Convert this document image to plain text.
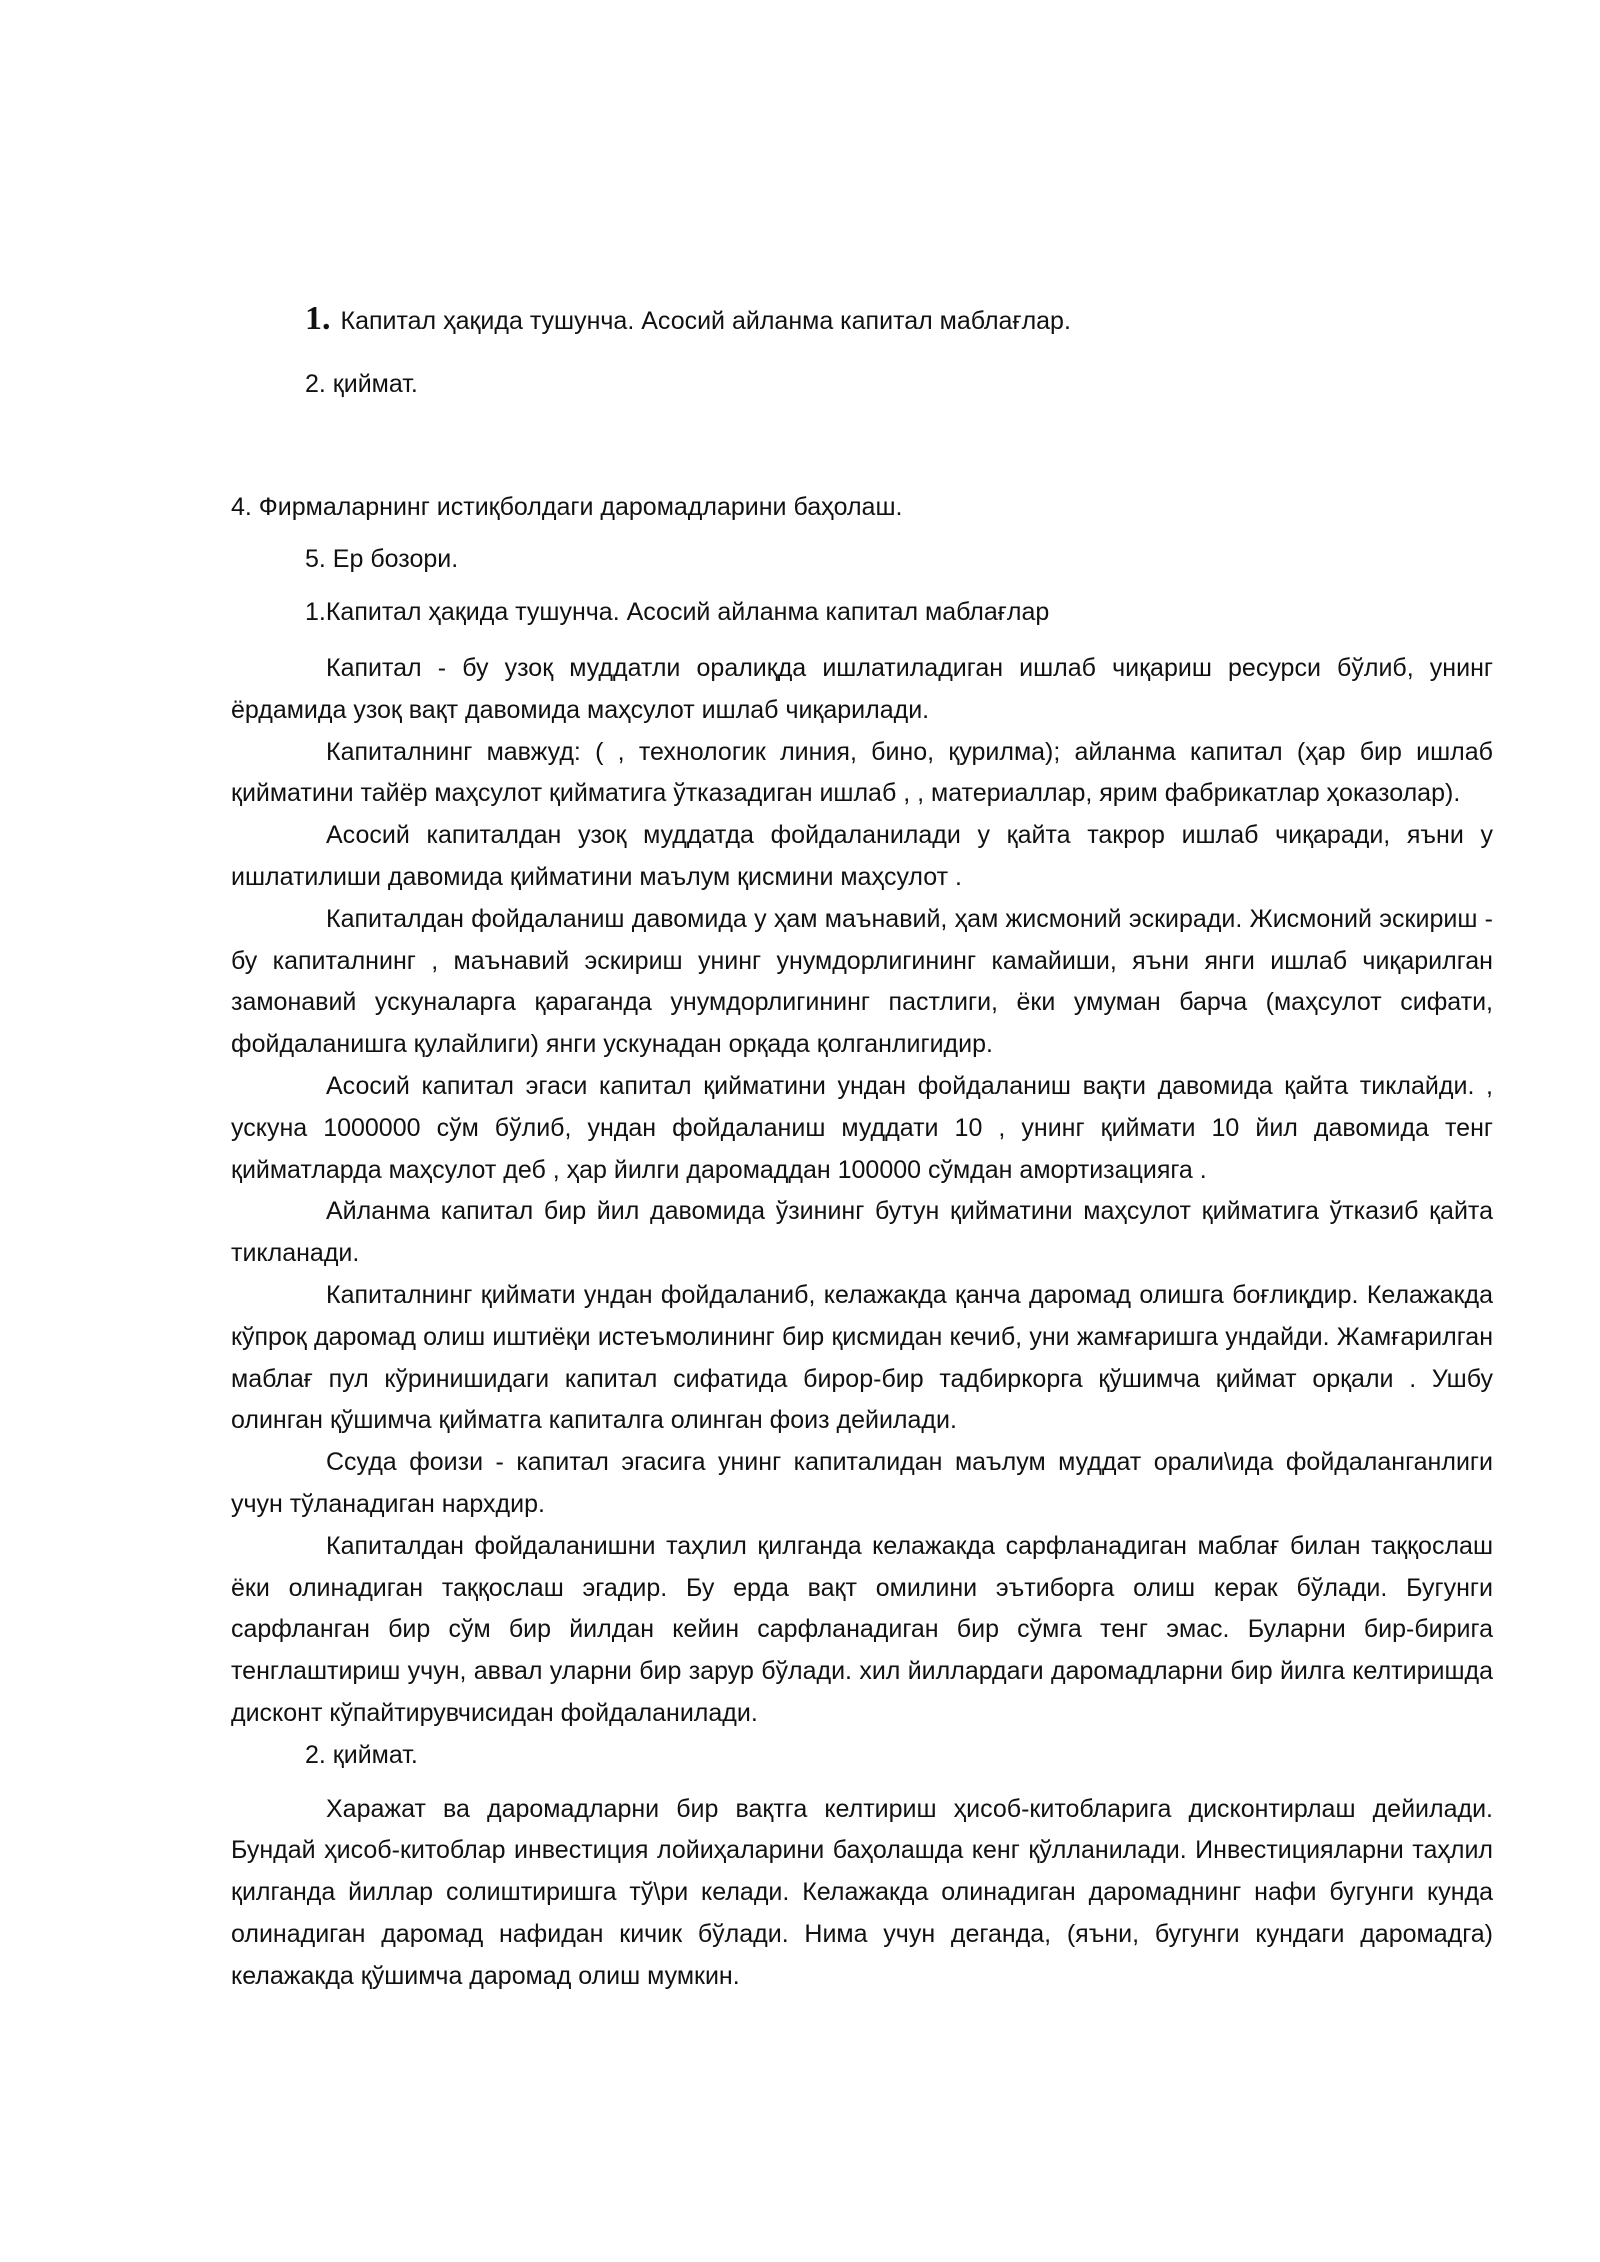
1. Капитал ҳақида тушунча. Асосий айланма капитал маблағлар.
2. қиймат.
4. Фирмаларнинг истиқболдаги даромадларини баҳолаш.
5. Ер бозори.
1.Капитал ҳақида тушунча. Асосий айланма капитал маблағлар

Капитал - бу узоқ муддатли оралиқда ишлатиладиган ишлаб чиқариш ресурси бўлиб, унинг ёрдамида узоқ вақт давомида маҳсулот ишлаб чиқарилади.

Капиталнинг мавжуд: ( , технологик линия, бино, қурилма); айланма капитал (ҳар бир ишлаб қийматини тайёр маҳсулот қийматига ўтказадиган ишлаб , , материаллар, ярим фабрикатлар ҳоказолар).

Асосий капиталдан узоқ муддатда фойдаланилади у қайта такрор ишлаб чиқаради, яъни у ишлатилиши давомида қийматини маълум қисмини маҳсулот .

Капиталдан фойдаланиш давомида у ҳам маънавий, ҳам жисмоний эскиради. Жисмоний эскириш - бу капиталнинг , маънавий эскириш унинг унумдорлигининг камайиши, яъни янги ишлаб чиқарилган замонавий ускуналарга қараганда унумдорлигининг пастлиги, ёки умуман барча (маҳсулот сифати, фойдаланишга қулайлиги) янги ускунадан орқада қолганлигидир.

Асосий капитал эгаси капитал қийматини ундан фойдаланиш вақти давомида қайта тиклайди. , ускуна 1000000 сўм бўлиб, ундан фойдаланиш муддати 10 , унинг қиймати 10 йил давомида тенг қийматларда маҳсулот деб , ҳар йилги даромаддан 100000 сўмдан амортизацияга .

Айланма капитал бир йил давомида ўзининг бутун қийматини маҳсулот қийматига ўтказиб қайта тикланади.

Капиталнинг қиймати ундан фойдаланиб, келажакда қанча даромад олишга боғлиқдир. Келажакда кўпроқ даромад олиш иштиёқи истеъмолининг бир қисмидан кечиб, уни жамғаришга ундайди. Жамғарилган маблағ пул кўринишидаги капитал сифатида бирор-бир тадбиркорга қўшимча қиймат орқали . Ушбу олинган қўшимча қийматга капиталга олинган фоиз дейилади.

Ссуда фоизи - капитал эгасига унинг капиталидан маълум муддат орали\ида фойдаланганлиги учун тўланадиган нархдир.

Капиталдан фойдаланишни таҳлил қилганда келажакда сарфланадиган маблағ билан таққослаш ёки олинадиган таққослаш эгадир. Бу ерда вақт омилини эътиборга олиш керак бўлади. Бугунги сарфланган бир сўм бир йилдан кейин сарфланадиган бир сўмга тенг эмас. Буларни бир-бирига тенглаштириш учун, аввал уларни бир зарур бўлади. хил йиллардаги даромадларни бир йилга келтиришда дисконт кўпайтирувчисидан фойдаланилади.

2. қиймат.

Харажат ва даромадларни бир вақтга келтириш ҳисоб-китобларига дисконтирлаш дейилади. Бундай ҳисоб-китоблар инвестиция лойиҳаларини баҳолашда кенг қўлланилади. Инвестицияларни таҳлил қилганда йиллар солиштиришга тў\ри келади. Келажакда олинадиган даромаднинг нафи бугунги кунда олинадиган даромад нафидан кичик бўлади. Нима учун деганда, (яъни, бугунги кундаги даромадга) келажакда қўшимча даромад олиш мумкин.
